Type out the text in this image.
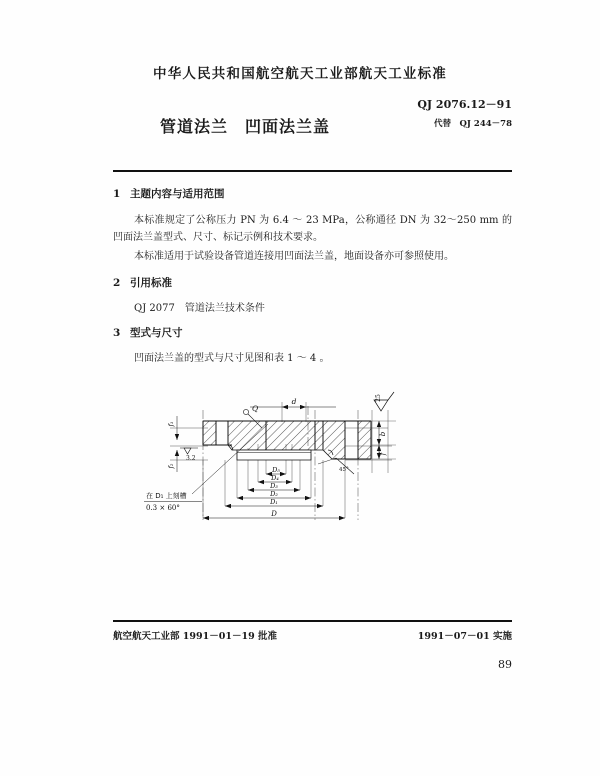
中华人民共和国航空航天工业部航天工业标准
QJ 2076.12－91
代替　QJ 244－78
管道法兰　凹面法兰盖
1 主题内容与适用范围
本标准规定了公称压力 PN 为 6.4 ～ 23 MPa，公称通径 DN 为 32～250 mm 的凹面法兰盖型式、尺寸、标记示例和技术要求。
本标准适用于试验设备管道连接用凹面法兰盖，地面设备亦可参照使用。
2 引用标准
QJ 2077　管道法兰技术条件
3 型式与尺寸
凹面法兰盖的型式与尺寸见图和表 1 ～ 4 。
d
D₅
D₄
D₃
D₂
D₁
D
b
f
f₁
f₂
3.2
25
Q
45°
在 D₁ 上刻槽
0.3 × 60°
航空航天工业部 1991－01－19 批准	1991－07－01 实施
89
